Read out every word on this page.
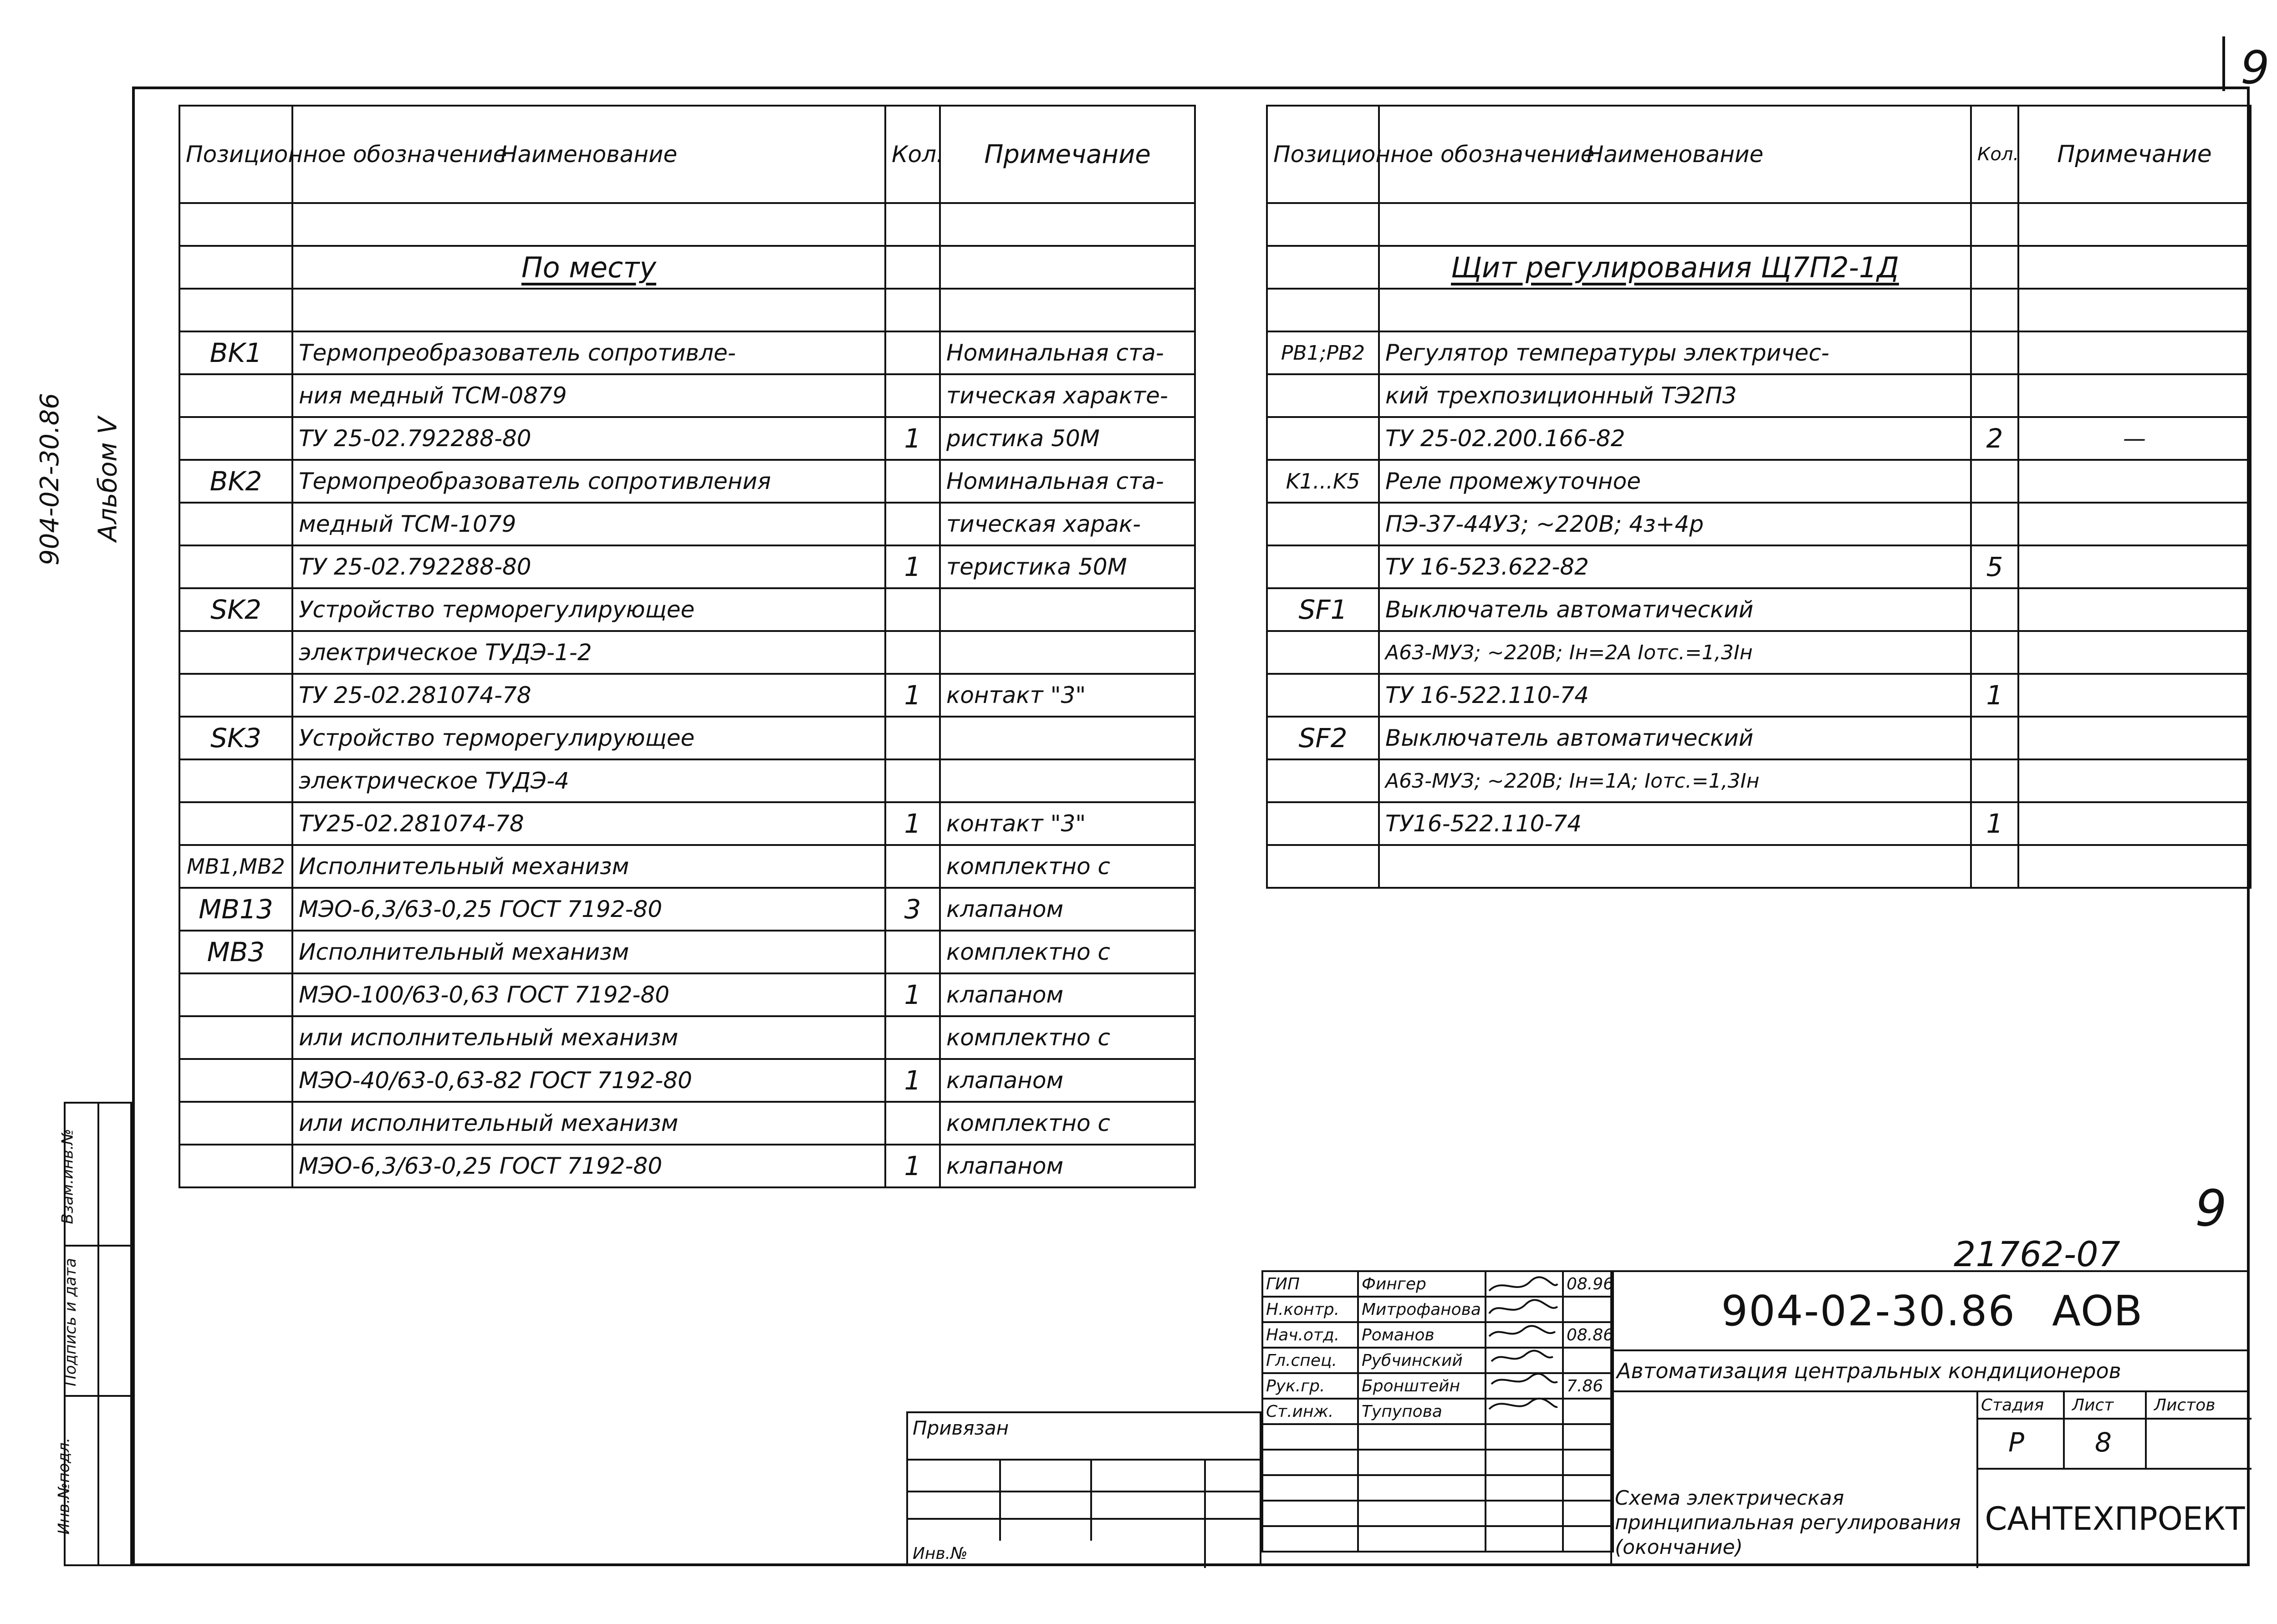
9
904-02-30.86 Альбом V
Инв.№подл.
Подпись и дата
Взам.инв.№
Позиционное обозначение	Наименование	Кол.	Примечание

	По месту		

BK1	Термопреобразователь сопротивле-		Номинальная ста-
	ния медный ТСМ-0879		тическая характе-
	ТУ 25-02.792288-80	1	ристика 50М
BK2	Термопреобразователь сопротивления		Номинальная ста-
	медный ТСМ-1079		тическая харак-
	ТУ 25-02.792288-80	1	теристика 50М
SK2	Устройство терморегулирующее		
	электрическое ТУДЭ-1-2		
	ТУ 25-02.281074-78	1	контакт "3"
SK3	Устройство терморегулирующее		
	электрическое ТУДЭ-4		
	ТУ25-02.281074-78	1	контакт "3"
MB1,MB2	Исполнительный механизм		комплектно с
MB13	МЭО-6,3/63-0,25 ГОСТ 7192-80	3	клапаном
MB3	Исполнительный механизм		комплектно с
	МЭО-100/63-0,63 ГОСТ 7192-80	1	клапаном
	или исполнительный механизм		комплектно с
	МЭО-40/63-0,63-82 ГОСТ 7192-80	1	клапаном
	или исполнительный механизм		комплектно с
	МЭО-6,3/63-0,25 ГОСТ 7192-80	1	клапаном
Позиционное обозначение	Наименование	Кол.	Примечание

	Щит регулирования Щ7П2-1Д		

PB1;PB2	Регулятор температуры электричес-		
	кий трехпозиционный ТЭ2П3		
	ТУ 25-02.200.166-82	2	—
K1...K5	Реле промежуточное		
	ПЭ-37-44У3; ~220В; 4з+4р		
	ТУ 16-523.622-82	5	
SF1	Выключатель автоматический		
	А63-МУЗ; ~220В; Iн=2А Iотс.=1,3Iн		
	ТУ 16-522.110-74	1	
SF2	Выключатель автоматический		
	А63-МУЗ; ~220В; Iн=1А; Iотс.=1,3Iн		
	ТУ16-522.110-74	1	

9
21762-07
Привязан
Инв.№
ГИП	Фингер		08.96
Н.контр.	Митрофанова		
Нач.отд.	Романов		08.86
Гл.спец.	Рубчинский		
Рук.гр.	Бронштейн		7.86
Ст.инж.	Тупупова		

904-02-30.86 АОВ
Автоматизация центральных кондиционеров
Стадия Лист Листов
Р	8
Схема электрическая принципиальная регулирования (окончание)
САНТЕХПРОЕКТ
